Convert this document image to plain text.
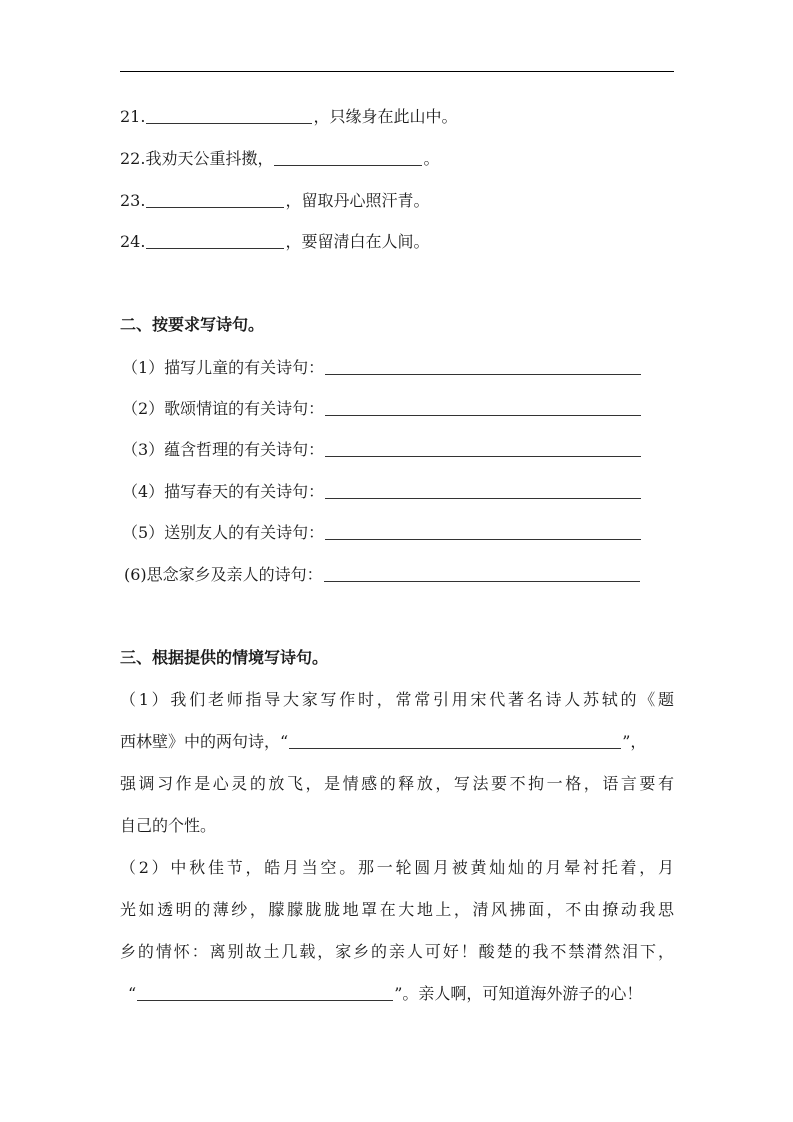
21.	，只缘身在此山中。
22.我劝天公重抖擞，	。
23.	，留取丹心照汗青。
24.	，要留清白在人间。
二、按要求写诗句。
（1）描写儿童的有关诗句：
（2）歌颂情谊的有关诗句：
（3）蕴含哲理的有关诗句：
（4）描写春天的有关诗句：
（5）送别友人的有关诗句：
(6)思念家乡及亲人的诗句：
三、根据提供的情境写诗句。
（1）我们老师指导大家写作时，常常引用宋代著名诗人苏轼的《题
西林壁》中的两句诗，“	”，
强调习作是心灵的放飞，是情感的释放，写法要不拘一格，语言要有
自己的个性。
（2）中秋佳节，皓月当空。那一轮圆月被黄灿灿的月晕衬托着，月
光如透明的薄纱，朦朦胧胧地罩在大地上，清风拂面，不由撩动我思
乡的情怀：离别故土几载，家乡的亲人可好！酸楚的我不禁潸然泪下，
“	”。亲人啊，可知道海外游子的心！
